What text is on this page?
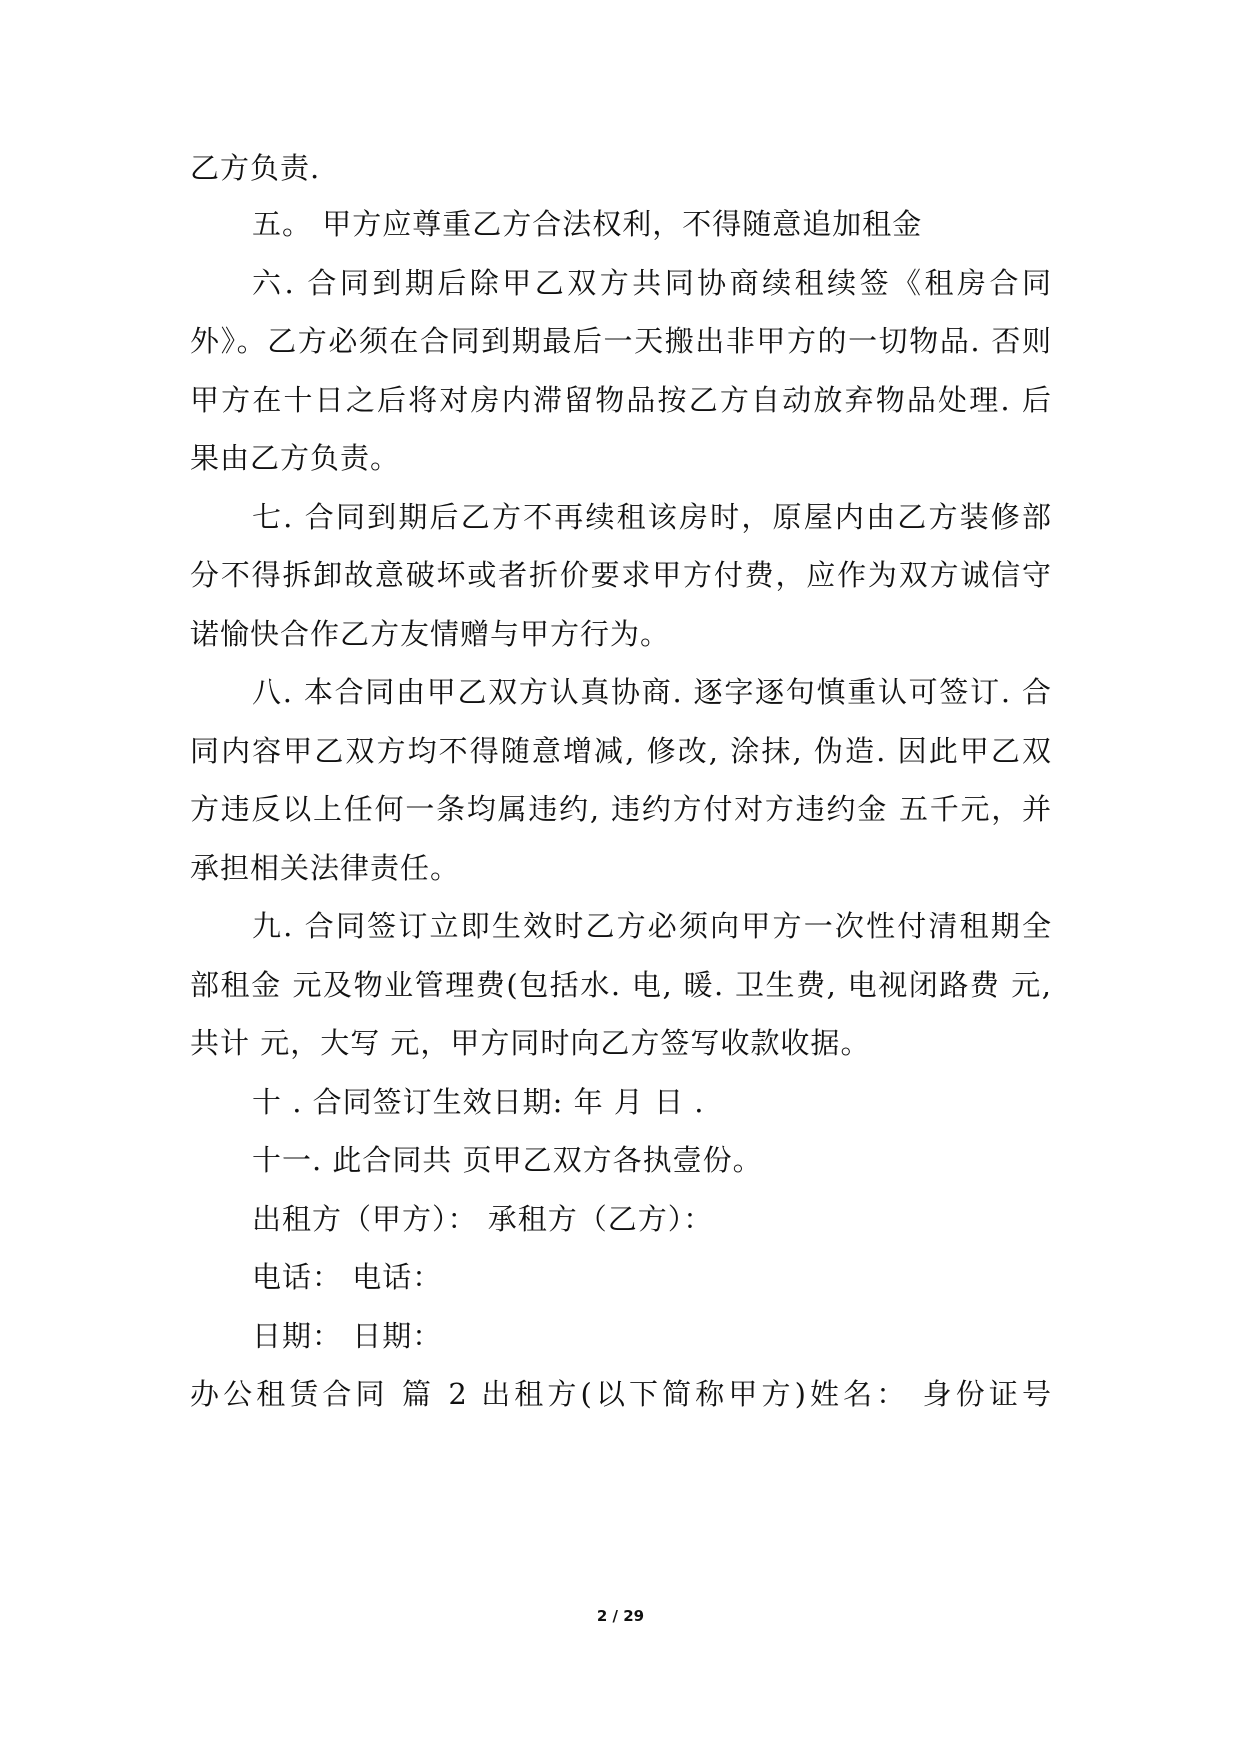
乙方负责.
五。 甲方应尊重乙方合法权利，不得随意追加租金
六. 合同到期后除甲乙双方共同协商续租续签《租房合同
外》。乙方必须在合同到期最后一天搬出非甲方的一切物品. 否则
甲方在十日之后将对房内滞留物品按乙方自动放弃物品处理. 后
果由乙方负责。
七. 合同到期后乙方不再续租该房时，原屋内由乙方装修部
分不得拆卸故意破坏或者折价要求甲方付费，应作为双方诚信守
诺愉快合作乙方友情赠与甲方行为。
八. 本合同由甲乙双方认真协商. 逐字逐句慎重认可签订. 合
同内容甲乙双方均不得随意增减, 修改, 涂抹, 伪造. 因此甲乙双
方违反以上任何一条均属违约, 违约方付对方违约金 五千元，并
承担相关法律责任。
九. 合同签订立即生效时乙方必须向甲方一次性付清租期全
部租金 元及物业管理费(包括水. 电, 暖. 卫生费, 电视闭路费 元,
共计 元，大写 元，甲方同时向乙方签写收款收据。
十 . 合同签订生效日期: 年 月 日 .
十一. 此合同共 页甲乙双方各执壹份。
出租方（甲方）： 承租方（乙方）：
电话： 电话：
日期： 日期：
办公租赁合同 篇 2 出租方(以下简称甲方)姓名： 身份证号
2 / 29
